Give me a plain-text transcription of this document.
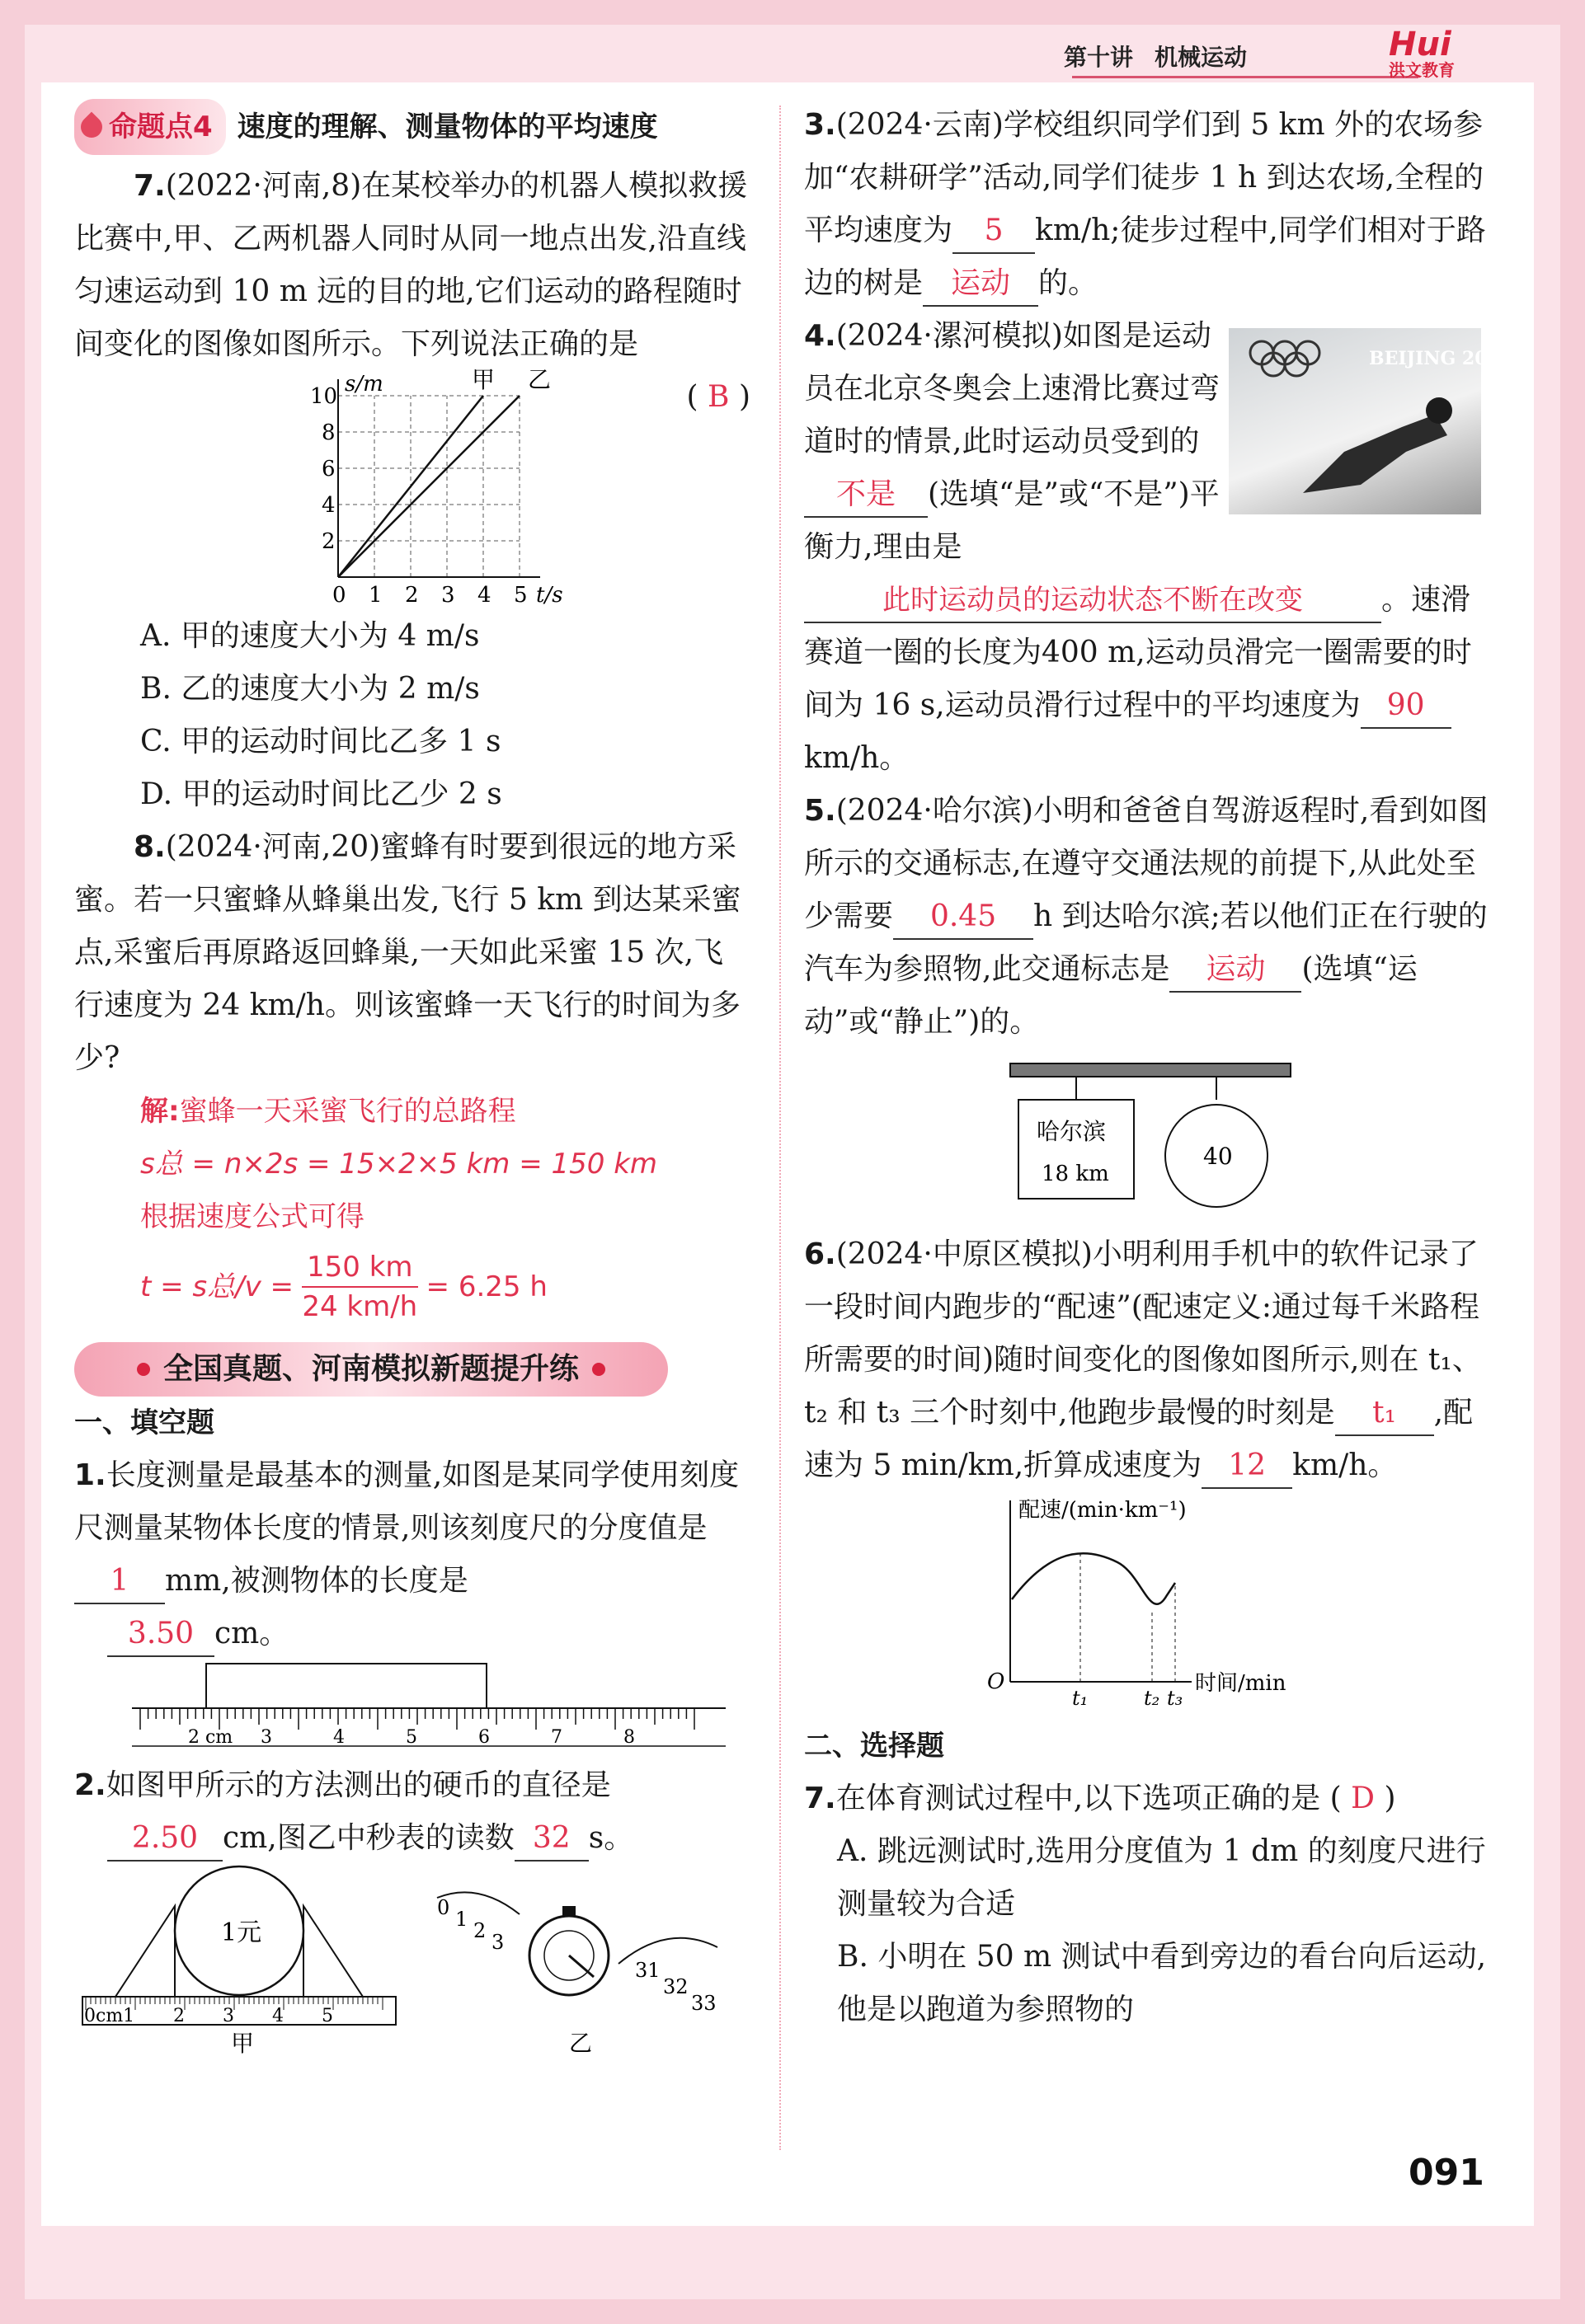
第十讲 机械运动	Hui
洪文教育
命题点4 速度的理解、测量物体的平均速度

7.(2022·河南,8)在某校举办的机器人模拟救援比赛中,甲、乙两机器人同时从同一地点出发,沿直线匀速运动到 10 m 远的目的地,它们运动的路程随时间变化的图像如图所示。下列说法正确的是
( B )

0 1 2 3 4 5
2
4
6
8
10 s/m
t/s
甲 乙
A. 甲的速度大小为 4 m/s
B. 乙的速度大小为 2 m/s
C. 甲的运动时间比乙多 1 s
D. 甲的运动时间比乙少 2 s

8.(2024·河南,20)蜜蜂有时要到很远的地方采蜜。若一只蜜蜂从蜂巢出发,飞行 5 km 到达某采蜜点,采蜜后再原路返回蜂巢,一天如此采蜜 15 次,飞行速度为 24 km/h。则该蜜蜂一天飞行的时间为多少?

解:蜜蜂一天采蜜飞行的总路程
s总 = n×2s = 15×2×5 km = 150 km
根据速度公式可得
t = s总$/v = \frac{150 km}{24 km/h} = 6.25$ h
全国真题、河南模拟新题提升练
一、填空题

1.长度测量是最基本的测量,如图是某同学使用刻度尺测量某物体长度的情景,则该刻度尺的分度值是1 mm,被测物体的长度是
3.50 cm。

2 cm 3	4	5	6	7	8

2.如图甲所示的方法测出的硬币的直径是
2.50 cm,图乙中秒表的读数 32 s。

1元
0cm1 2 3 4 5
甲
0 1 2 3
31
32
33
乙

3.(2024·云南)学校组织同学们到 5 km 外的农场参加“农耕研学”活动,同学们徒步 1 h 到达农场,全程的平均速度为 5 km/h;徒步过程中,同学们相对于路边的树是 运动 的。

4.(2024·漯河模拟)如图是运动员在北京冬奥会上速滑比赛过弯道时的情景,此时运动员受到的
不是 (选填“是”或“不是”)平衡力,理由是此时运动员的运动状态不断在改变	。速滑赛道一圈的长度为400 m,运动员滑完一圈需要的时间为 16 s,运动员滑行过程中的平均速度为 90km/h。

5.(2024·哈尔滨)小明和爸爸自驾游返程时,看到如图所示的交通标志,在遵守交通法规的前提下,从此处至少需要 0.45 h 到达哈尔滨;若以他们正在行驶的汽车为参照物,此交通标志是 运动 (选填“运动”或“静止”)的。

哈尔滨
18 km
40

6.(2024·中原区模拟)小明利用手机中的软件记录了一段时间内跑步的“配速”(配速定义:通过每千米路程所需要的时间)随时间变化的图像如图所示,则在 t₁、t₂ 和 t₃ 三个时刻中,他跑步最慢的时刻是 t₁ ,配速为 5 min/km,折算成速度为 12 km/h。

配速/(min·km⁻¹)
时间/min
O
t₁	t₂ t₃
二、选择题

7.在体育测试过程中,以下选项正确的是 ( D )

A. 跳远测试时,选用分度值为 1 dm 的刻度尺进行测量较为合适
B. 小明在 50 m 测试中看到旁边的看台向后运动,他是以跑道为参照物的
BEIJING 2022
091
